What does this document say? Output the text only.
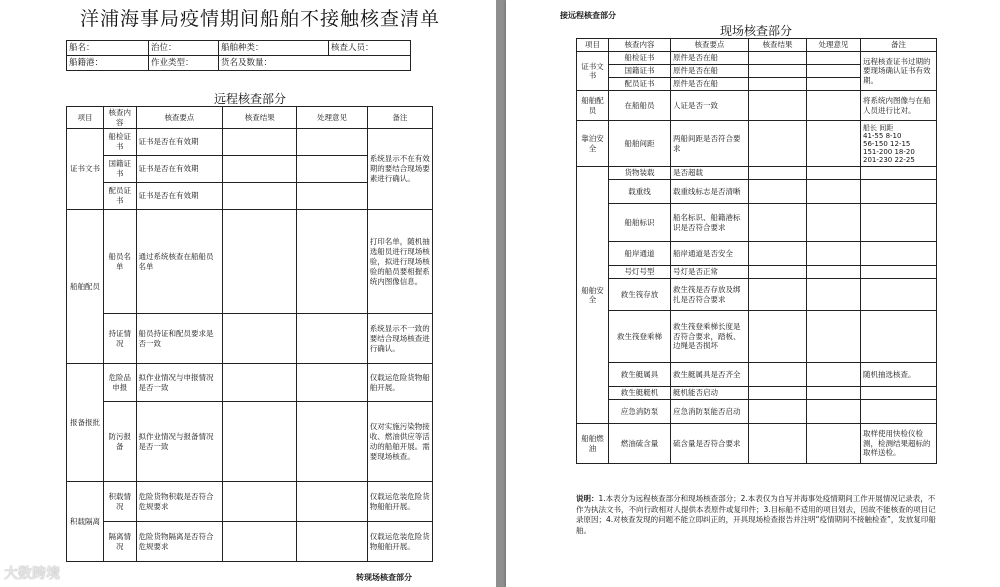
洋浦海事局疫情期间船舶不接触核查清单
船名：	治位：	船舶种类：	核查人员：
船籍港：	作业类型：	货名及数量：	
远程核查部分
项目	核查内容	核查要点	核查结果	处理意见	备注
证书文书	船检证书	证书是否在有效期			系统显示不在有效期的要结合现场要素进行确认。
	国籍证书	证书是否在有效期			
	配员证书	证书是否在有效期			
船舶配员	船员名单	通过系统核查在船船员名单			打印名单，随机抽选船员进行现场核验，拟进行现场核验的船员要相握系统内图像信息。
	持证情况	船员持证和配员要求是否一致			系统显示不一致的要结合现场核查进行确认。
报备报批	危险品申报	拟作业情况与申报情况是否一致			仅载运危险货物船舶开展。
	防污报备	拟作业情况与报备情况是否一致			仅对实施污染物接收、燃油供应等活动的船舶开展。需要现场核查。
积载隔离	积载情况	危险货物积载是否符合危规要求			仅载运危装危险货物船舶开展。
	隔离情况	危险货物隔离是否符合危规要求			仅载运危装危险货物船舶开展。
转现场核查部分
大数跨境
接远程核查部分
现场核查部分
项目	核查内容	核查要点	核查结果	处理意见	备注
证书文书	船检证书	原件是否在船			远程核查证书过期的要现场确认证书有效期。
	国籍证书	原件是否在船			
	配员证书	原件是否在船			
船舶配员	在船船员	人证是否一致			将系统内图像与在船人员进行比对。
靠泊安全	船舶间距	两船间距是否符合要求			船长 间距
41-55 8-10
56-150 12-15
151-200 18-20
201-230 22-25

船舶安全	货物装载	是否超载			
	载重线	载重线标志是否清晰			
	船舶标识	船名标识、船籍港标识是否符合要求			
	船岸通道	船岸通道是否安全			
	号灯号型	号灯是否正常			
	救生筏存放	救生筏是否存放及绑扎是否符合要求			
	救生筏登乘梯	救生筏登乘梯长度是否符合要求，踏板、边绳是否损坏			
	救生艇属具	救生艇属具是否齐全			随机抽选核查。
	救生艇艇机	艇机能否启动			
	应急消防泵	应急消防泵能否启动			
船舶燃油	燃油硫含量	硫含量是否符合要求			取样使用快检仪检测，检测结果超标的取样送检。
说明：1.本表分为远程核查部分和现场核查部分；2.本表仅为自写并海事处疫情期间工作开展情况记录表，不作为执法文书，不向行政相对人提供本表原件或复印件；3.目标船不适用的项目划去，因故不能核查的项目记录原因；4.对核查发现的问题不能立即纠正的，开具现场检查报告并注明“疫情期间不接触检查”，发放复印船舶。
